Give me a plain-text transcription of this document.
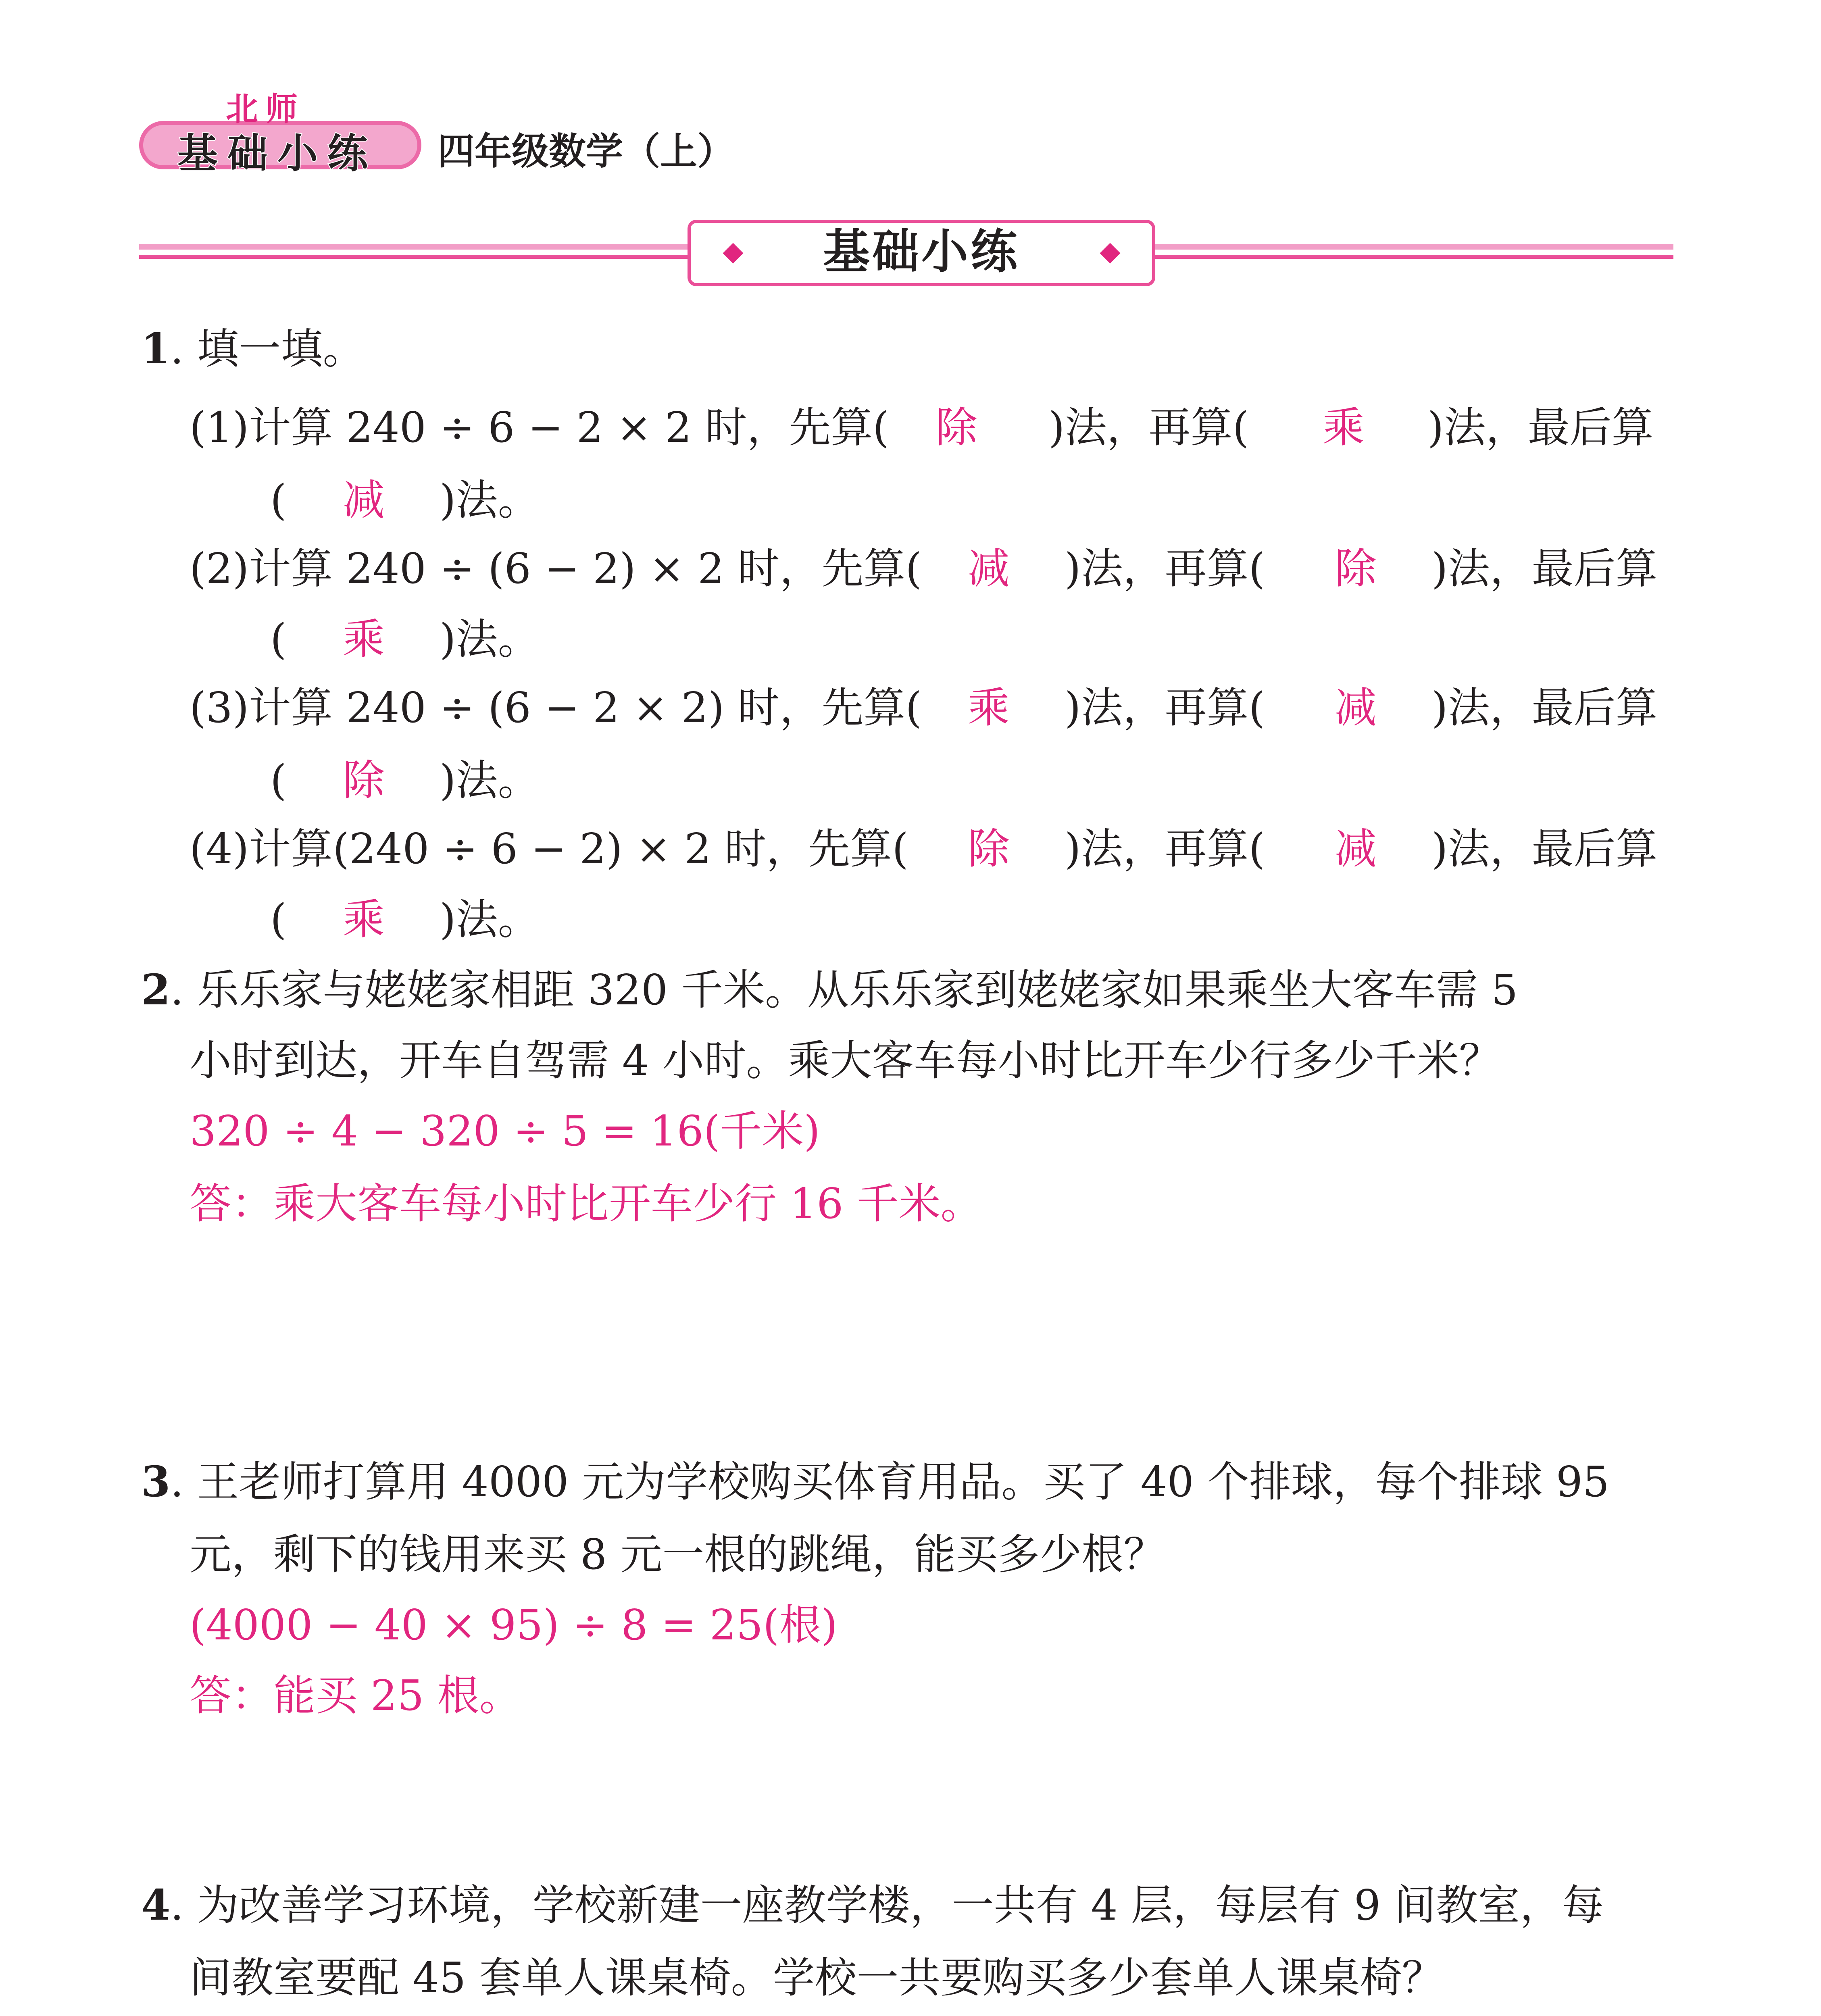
北师
基础小练 四年级数学（上）
基础小练
1. 填一填。
(1)计算 240 ÷ 6 − 2 × 2 时，先算( 除 )法，再算( 乘 )法，最后算
( 减 )法。
(2)计算 240 ÷ (6 − 2) × 2 时，先算( 减 )法，再算( 除 )法，最后算
( 乘 )法。
(3)计算 240 ÷ (6 − 2 × 2) 时，先算( 乘 )法，再算( 减 )法，最后算
( 除 )法。
(4)计算(240 ÷ 6 − 2) × 2 时，先算( 除 )法，再算( 减 )法，最后算
( 乘 )法。
2. 乐乐家与姥姥家相距 320 千米。从乐乐家到姥姥家如果乘坐大客车需 5
小时到达，开车自驾需 4 小时。乘大客车每小时比开车少行多少千米？
320 ÷ 4 − 320 ÷ 5 = 16(千米)
答：乘大客车每小时比开车少行 16 千米。
3. 王老师打算用 4000 元为学校购买体育用品。买了 40 个排球，每个排球 95
元，剩下的钱用来买 8 元一根的跳绳，能买多少根？
(4000 − 40 × 95) ÷ 8 = 25(根)
答：能买 25 根。
4. 为改善学习环境，学校新建一座教学楼，一共有 4 层，每层有 9 间教室，每
间教室要配 45 套单人课桌椅。学校一共要购买多少套单人课桌椅？
